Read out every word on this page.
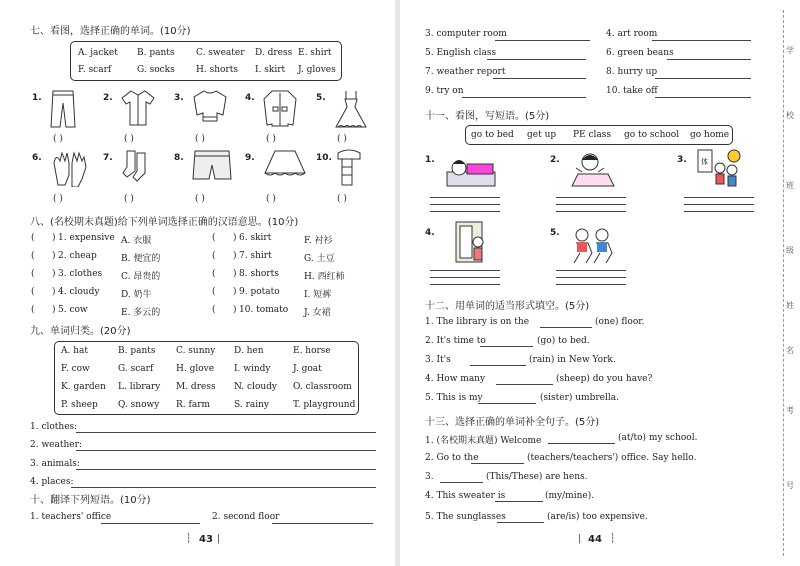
七、看图，选择正确的单词。(10分)
八、(名校期末真题)给下列单词选择正确的汉语意思。(10分)
九、单词归类。(20分)
十、翻译下列短语。(10分)
43
┆	|
十一、看图，写短语。(5分)
十二、用单词的适当形式填空。(5分)
十三、选择正确的单词补全句子。(5分)
| 44 ┆
A. jacket B. pants C. sweater D. dress E. shirt
F. scarf	G. socks H. shorts I. skirt J. gloves
1.
( )
2.
( )
3.
( )
4.
( )
5.
( )
6.
( )
7.
( )
8.
( )
9.
( )
10.
( )
( ) 1. expensive A. 衣服	( ) 6. skirt	F. 衬衫
( ) 2. cheap	B. 便宜的	( ) 7. shirt	G. 土豆
( ) 3. clothes C. 昂贵的	( ) 8. shorts	H. 西红柿
( ) 4. cloudy D. 奶牛	( ) 9. potato	I. 短裤
( ) 5. cow	E. 多云的	( ) 10. tomato J. 女裙
A. hat	B. pants C. sunny D. hen	E. horse
F. cow	G. scarf	H. glove I. windy J. goat
K. garden L. library M. dress N. cloudy O. classroom
P. sheep Q. snowy R. farm	S. rainy	T. playground
1. clothes:
2. weather:
3. animals:
4. places:
1. teachers' office	2. second floor
3. computer room	4. art room
5. English class	6. green beans
7. weather report	8. hurry up
9. try on	10. take off
go to bed get up PE class go to school go home
1.	2.	3. 体
4.	5.
1. The library is on the	(one) floor.
2. It's time to	(go) to bed.
3. It's	(rain) in New York.
4. How many	(sheep) do you have?
5. This is my	(sister) umbrella.
1. (名校期末真题) Welcome	(at/to) my school.
2. Go to the	(teachers/teachers') office. Say hello.
3.	(This/These) are hens.
4. This sweater is	(my/mine).
5. The sunglasses	(are/is) too expensive.
学
校
班
级
姓
名
考
号
